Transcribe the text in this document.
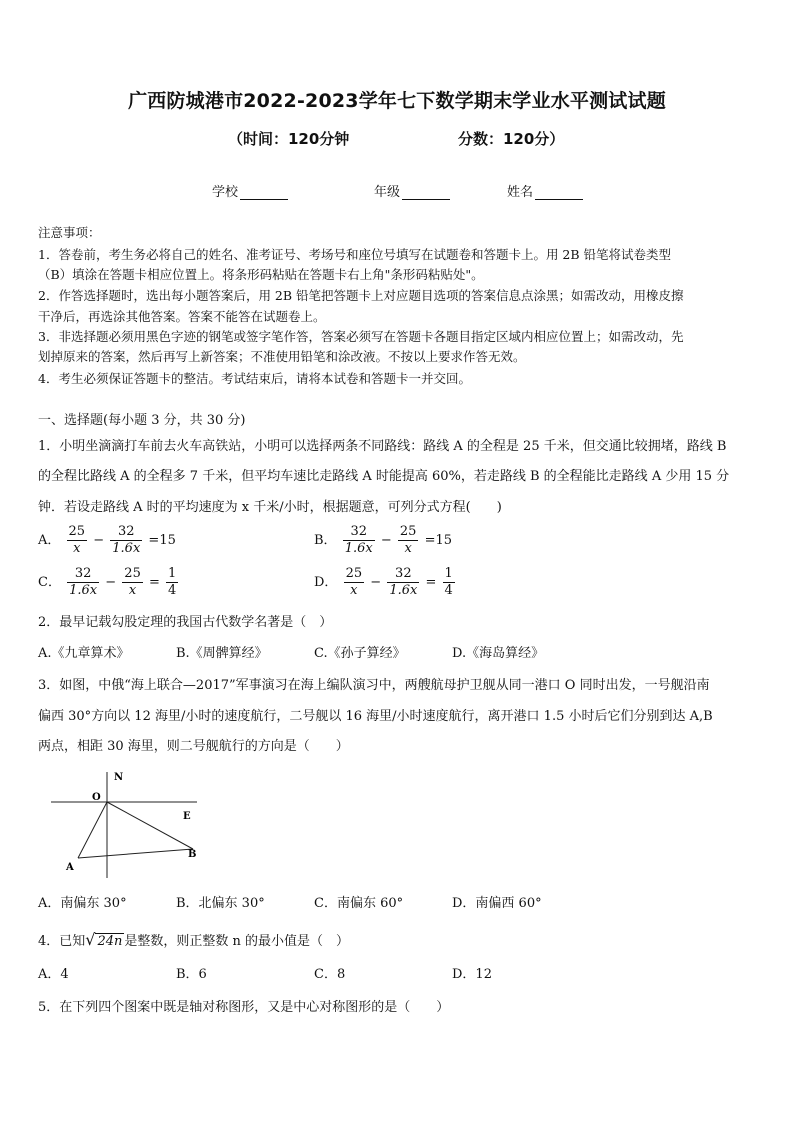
广西防城港市2022-2023学年七下数学期末学业水平测试试题
（时间：120分钟	分数：120分）
学校	年级	姓名
注意事项：
1．答卷前，考生务必将自己的姓名、准考证号、考场号和座位号填写在试题卷和答题卡上。用 2B 铅笔将试卷类型
（B）填涂在答题卡相应位置上。将条形码粘贴在答题卡右上角"条形码粘贴处"。
2．作答选择题时，选出每小题答案后，用 2B 铅笔把答题卡上对应题目选项的答案信息点涂黑；如需改动，用橡皮擦
干净后，再选涂其他答案。答案不能答在试题卷上。
3．非选择题必须用黑色字迹的钢笔或签字笔作答，答案必须写在答题卡各题目指定区域内相应位置上；如需改动，先
划掉原来的答案，然后再写上新答案；不准使用铅笔和涂改液。不按以上要求作答无效。
4．考生必须保证答题卡的整洁。考试结束后，请将本试卷和答题卡一并交回。
一、选择题(每小题 3 分，共 30 分)
1．小明坐滴滴打车前去火车高铁站，小明可以选择两条不同路线：路线 A 的全程是 25 千米，但交通比较拥堵，路线 B
的全程比路线 A 的全程多 7 千米，但平均车速比走路线 A 时能提高 60%，若走路线 B 的全程能比走路线 A 少用 15 分
钟．若设走路线 A 时的平均速度为 x 千米/小时，根据题意，可列分式方程(　　)
A． $\frac{25}{x} - \frac{32}{1.6x} =15$	B． $\frac{32}{1.6x} - \frac{25}{x} =15$
C． $\frac{32}{1.6x} - \frac{25}{x} = \frac{1}{4}$	D． $\frac{25}{x} - \frac{32}{1.6x} = \frac{1}{4}$
2．最早记载勾股定理的我国古代数学名著是（　）
A.《九章算术》	B.《周髀算经》	C.《孙子算经》	D.《海岛算经》
3．如图，中俄“海上联合—2017”军事演习在海上编队演习中，两艘航母护卫舰从同一港口 O 同时出发，一号舰沿南
偏西 30°方向以 12 海里/小时的速度航行，二号舰以 16 海里/小时速度航行，离开港口 1.5 小时后它们分别到达 A,B
两点，相距 30 海里，则二号舰航行的方向是（　　）
N
O
E
A
B
A．南偏东 30°	B．北偏东 30°	C．南偏东 60°	D．南偏西 60°
4．已知√ 24n 是整数，则正整数 n 的最小值是（　）
A．4	B．6	C．8	D．12
5．在下列四个图案中既是轴对称图形，又是中心对称图形的是（　　）
